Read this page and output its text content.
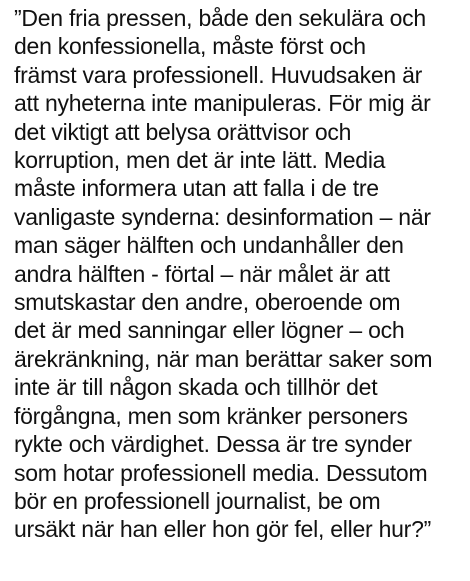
”Den fria pressen, både den sekulära och
den konfessionella, måste först och
främst vara professionell. Huvudsaken är
att nyheterna inte manipuleras. För mig är
det viktigt att belysa orättvisor och
korruption, men det är inte lätt. Media
måste informera utan att falla i de tre
vanligaste synderna: desinformation – när
man säger hälften och undanhåller den
andra hälften - förtal – när målet är att
smutskastar den andre, oberoende om
det är med sanningar eller lögner – och
ärekränkning, när man berättar saker som
inte är till någon skada och tillhör det
förgångna, men som kränker personers
rykte och värdighet. Dessa är tre synder
som hotar professionell media. Dessutom
bör en professionell journalist, be om
ursäkt när han eller hon gör fel, eller hur?”
